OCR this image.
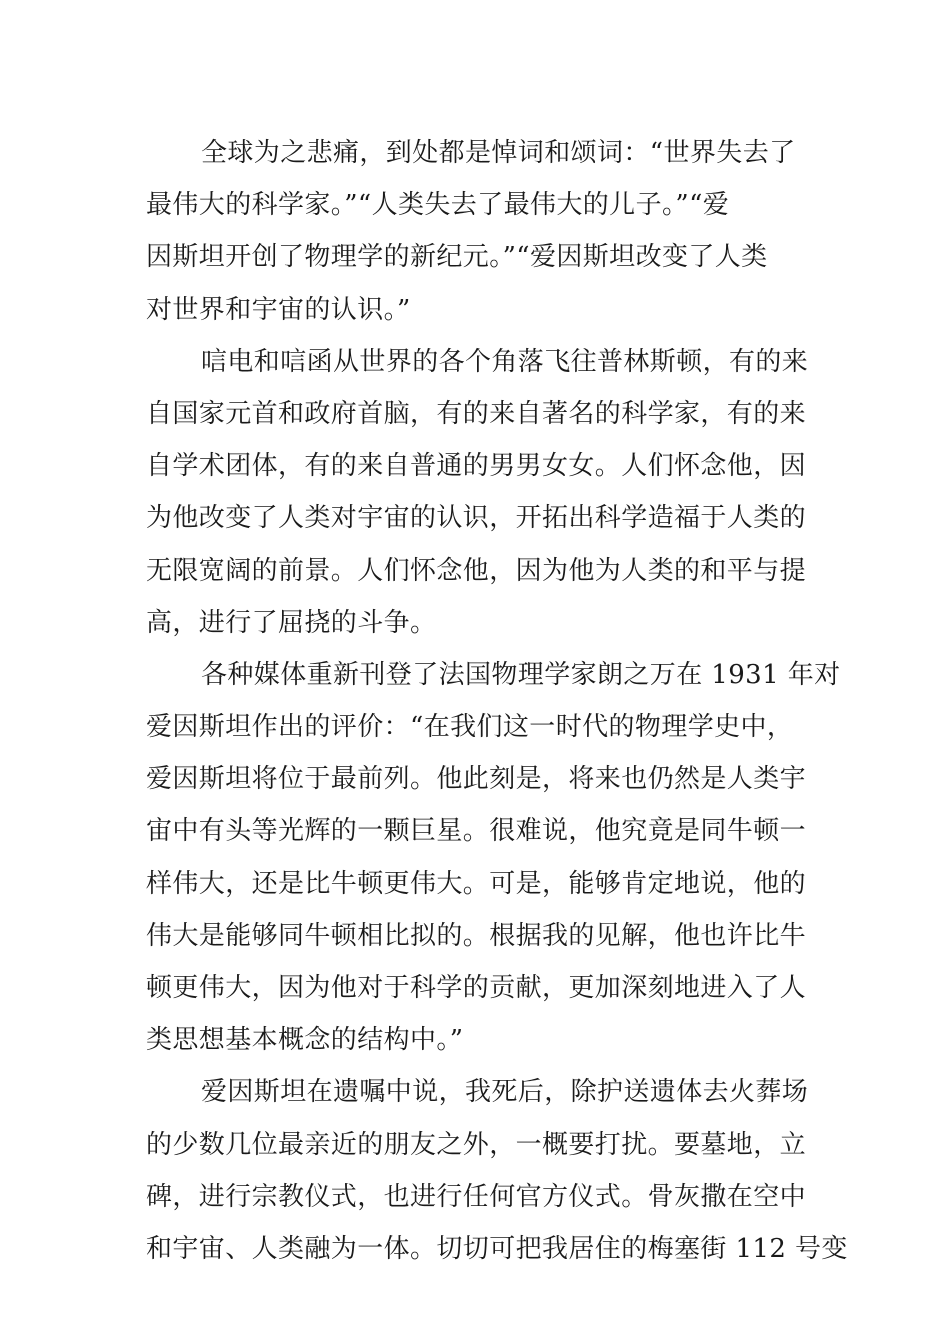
全球为之悲痛，到处都是悼词和颂词：“世界失去了
最伟大的科学家。”“人类失去了最伟大的儿子。”“爱
因斯坦开创了物理学的新纪元。”“爱因斯坦改变了人类
对世界和宇宙的认识。”
唁电和唁函从世界的各个角落飞往普林斯顿，有的来
自国家元首和政府首脑，有的来自著名的科学家，有的来
自学术团体，有的来自普通的男男女女。人们怀念他，因
为他改变了人类对宇宙的认识，开拓出科学造福于人类的
无限宽阔的前景。人们怀念他，因为他为人类的和平与提
高，进行了屈挠的斗争。
各种媒体重新刊登了法国物理学家朗之万在 1931 年对
爱因斯坦作出的评价：“在我们这一时代的物理学史中，
爱因斯坦将位于最前列。他此刻是，将来也仍然是人类宇
宙中有头等光辉的一颗巨星。很难说，他究竟是同牛顿一
样伟大，还是比牛顿更伟大。可是，能够肯定地说，他的
伟大是能够同牛顿相比拟的。根据我的见解，他也许比牛
顿更伟大，因为他对于科学的贡献，更加深刻地进入了人
类思想基本概念的结构中。”
爱因斯坦在遗嘱中说，我死后，除护送遗体去火葬场
的少数几位最亲近的朋友之外，一概要打扰。要墓地，立
碑，进行宗教仪式，也进行任何官方仪式。骨灰撒在空中
和宇宙、人类融为一体。切切可把我居住的梅塞街 112 号变
